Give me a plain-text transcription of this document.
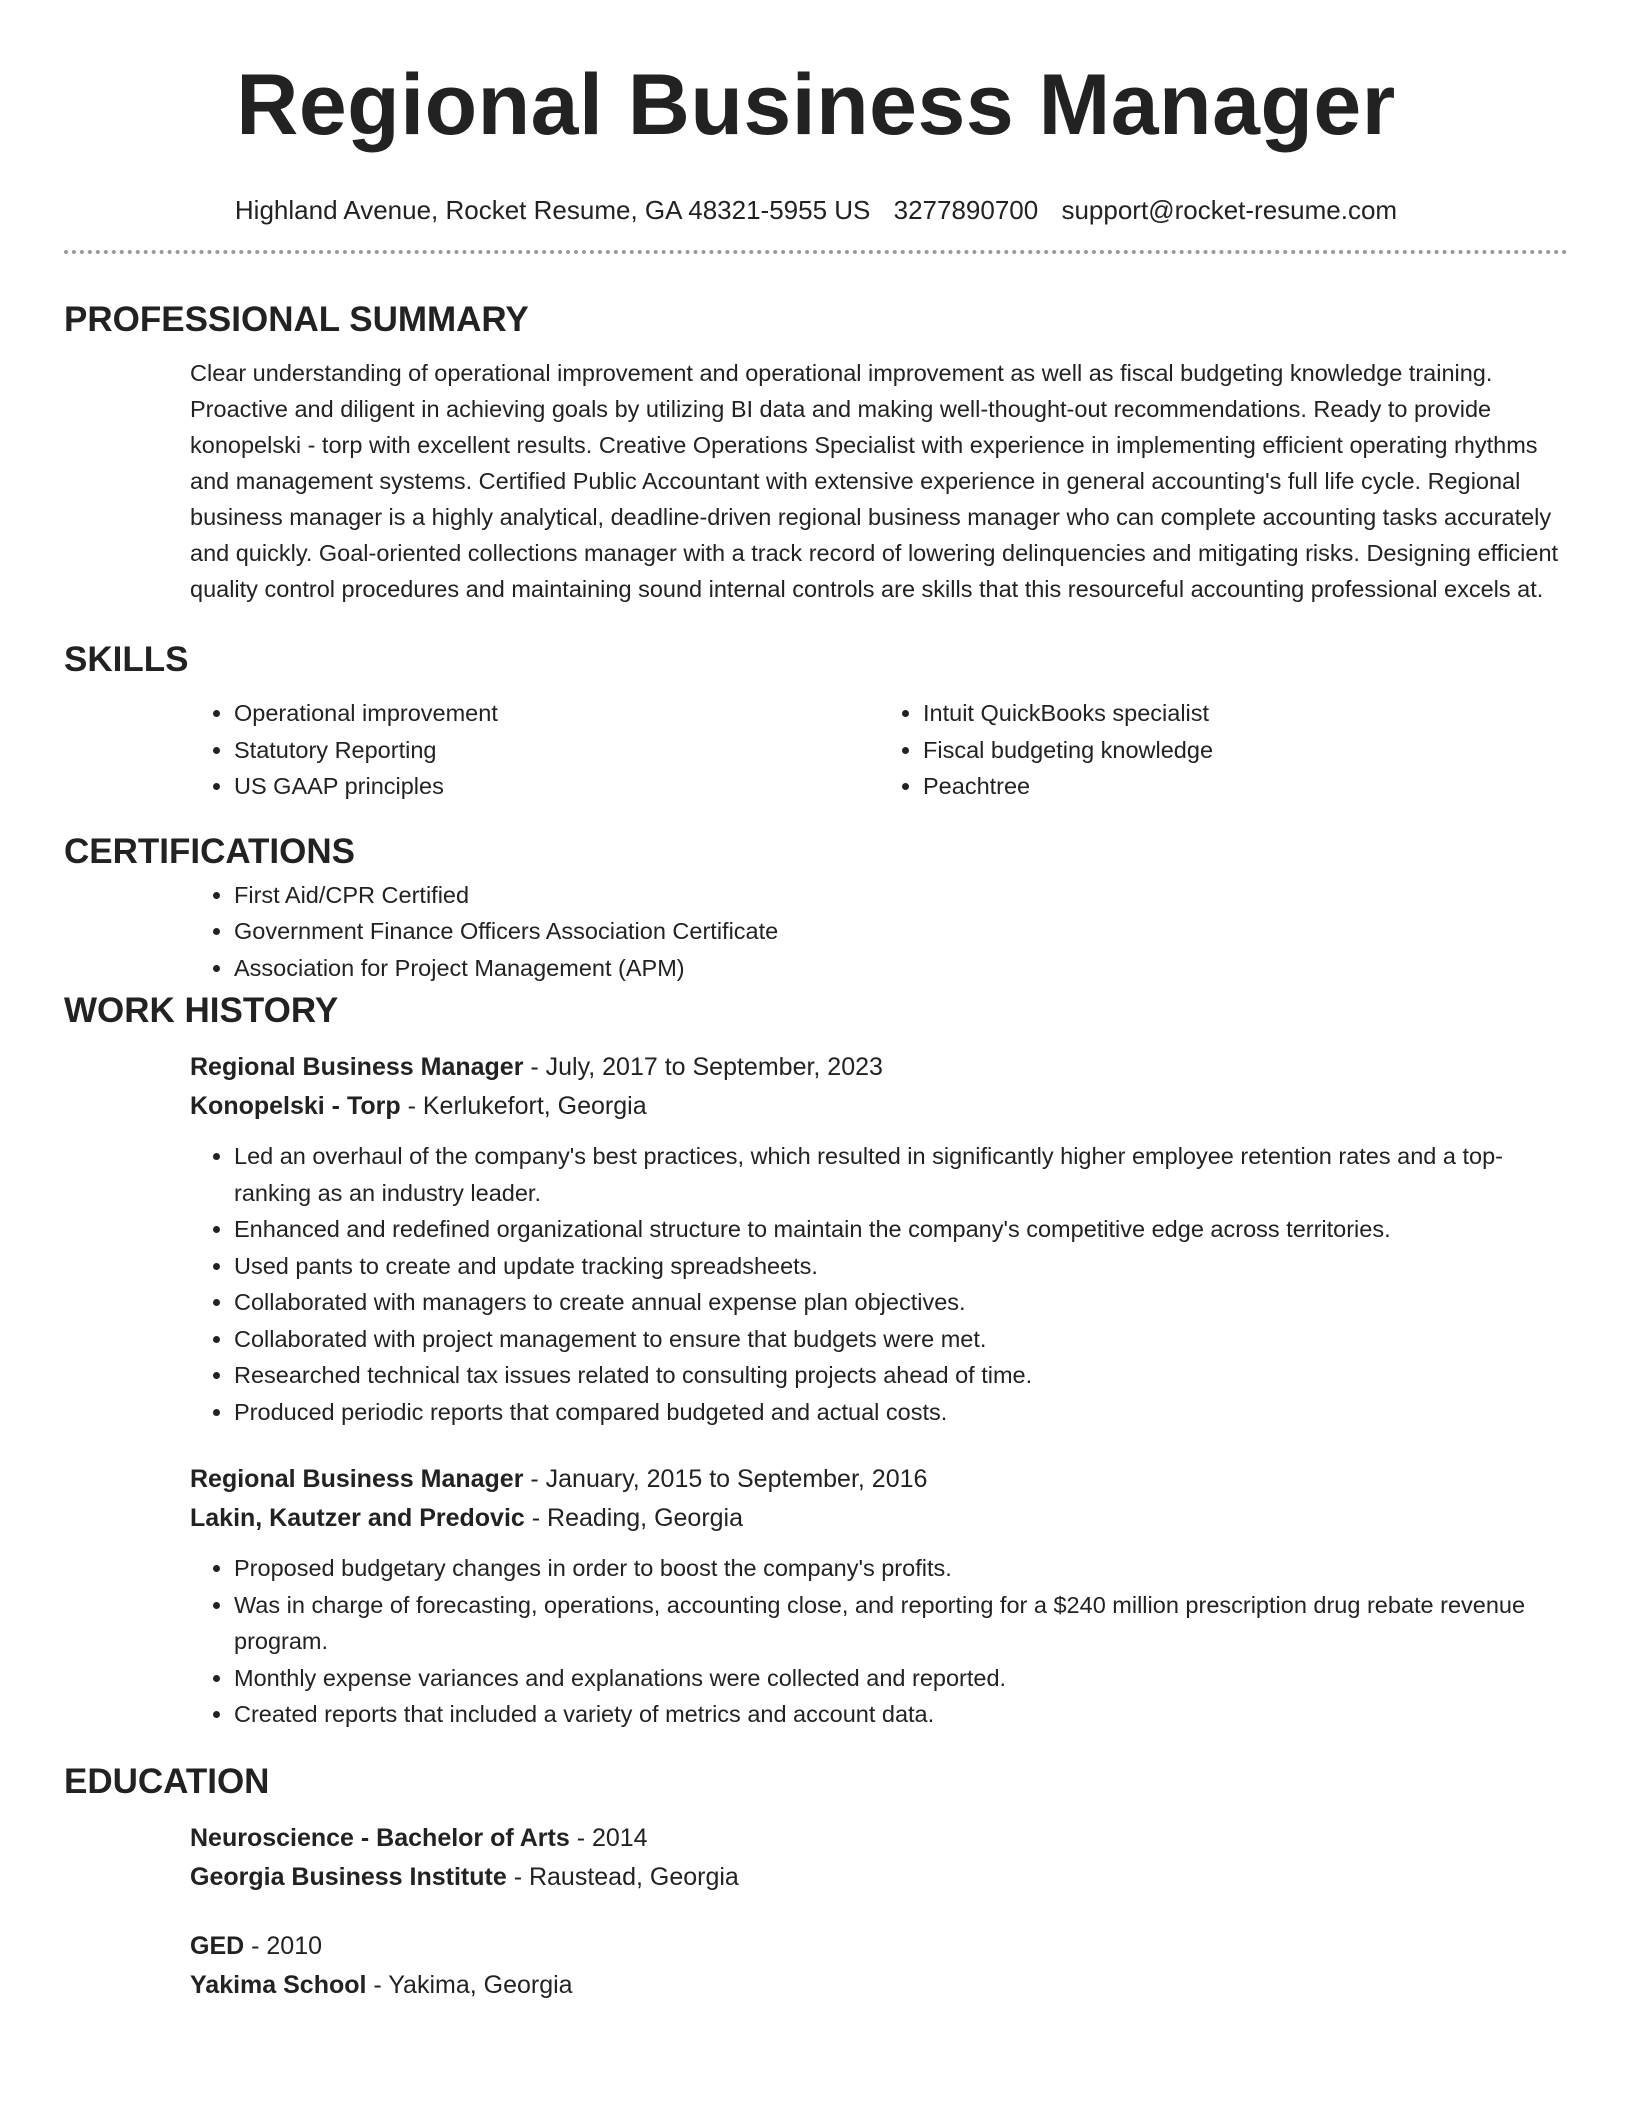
Regional Business Manager
Highland Avenue, Rocket Resume, GA 48321-5955 US 3277890700 support@rocket-resume.com
PROFESSIONAL SUMMARY

Clear understanding of operational improvement and operational improvement as well as fiscal budgeting knowledge training. Proactive and diligent in achieving goals by utilizing BI data and making well-thought-out recommendations. Ready to provide konopelski - torp with excellent results. Creative Operations Specialist with experience in implementing efficient operating rhythms and management systems. Certified Public Accountant with extensive experience in general accounting's full life cycle. Regional business manager is a highly analytical, deadline-driven regional business manager who can complete accounting tasks accurately and quickly. Goal-oriented collections manager with a track record of lowering delinquencies and mitigating risks. Designing efficient quality control procedures and maintaining sound internal controls are skills that this resourceful accounting professional excels at.

SKILLS
• Operational improvement
• Statutory Reporting
• US GAAP principles
• Intuit QuickBooks specialist
• Fiscal budgeting knowledge
• Peachtree
CERTIFICATIONS
• First Aid/CPR Certified
• Government Finance Officers Association Certificate
• Association for Project Management (APM)
WORK HISTORY
Regional Business Manager - July, 2017 to September, 2023
Konopelski - Torp - Kerlukefort, Georgia
• Led an overhaul of the company's best practices, which resulted in significantly higher employee retention rates and a top-ranking as an industry leader.
• Enhanced and redefined organizational structure to maintain the company's competitive edge across territories.
• Used pants to create and update tracking spreadsheets.
• Collaborated with managers to create annual expense plan objectives.
• Collaborated with project management to ensure that budgets were met.
• Researched technical tax issues related to consulting projects ahead of time.
• Produced periodic reports that compared budgeted and actual costs.
Regional Business Manager - January, 2015 to September, 2016
Lakin, Kautzer and Predovic - Reading, Georgia
• Proposed budgetary changes in order to boost the company's profits.
• Was in charge of forecasting, operations, accounting close, and reporting for a $240 million prescription drug rebate revenue program.
• Monthly expense variances and explanations were collected and reported.
• Created reports that included a variety of metrics and account data.
EDUCATION
Neuroscience - Bachelor of Arts - 2014
Georgia Business Institute - Raustead, Georgia
GED - 2010
Yakima School - Yakima, Georgia
